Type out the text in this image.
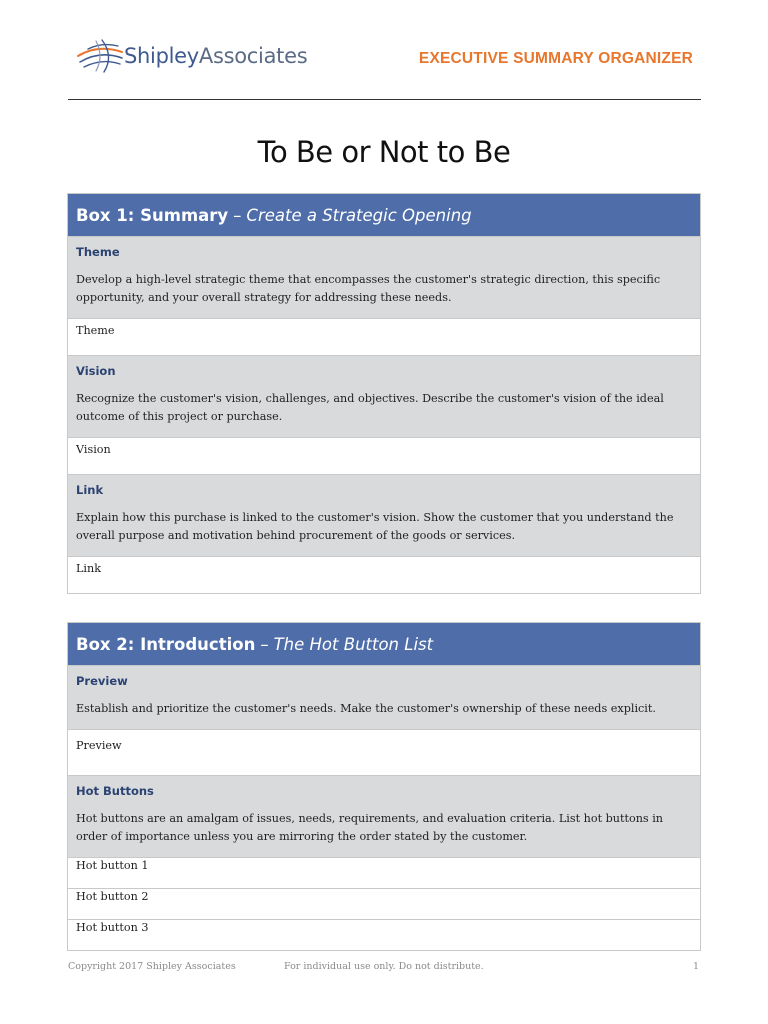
ShipleyAssociates	EXECUTIVE SUMMARY ORGANIZER
To Be or Not to Be
Box 1: Summary – Create a Strategic Opening
Theme
Develop a high-level strategic theme that encompasses the customer's strategic direction, this specific opportunity, and your overall strategy for addressing these needs.
Theme
Vision
Recognize the customer's vision, challenges, and objectives. Describe the customer's vision of the ideal outcome of this project or purchase.
Vision
Link
Explain how this purchase is linked to the customer's vision. Show the customer that you understand the overall purpose and motivation behind procurement of the goods or services.
Link
Box 2: Introduction – The Hot Button List
Preview
Establish and prioritize the customer's needs. Make the customer's ownership of these needs explicit.
Preview
Hot Buttons
Hot buttons are an amalgam of issues, needs, requirements, and evaluation criteria. List hot buttons in order of importance unless you are mirroring the order stated by the customer.
Hot button 1
Hot button 2
Hot button 3
Copyright 2017 Shipley Associates	For individual use only. Do not distribute.	1
